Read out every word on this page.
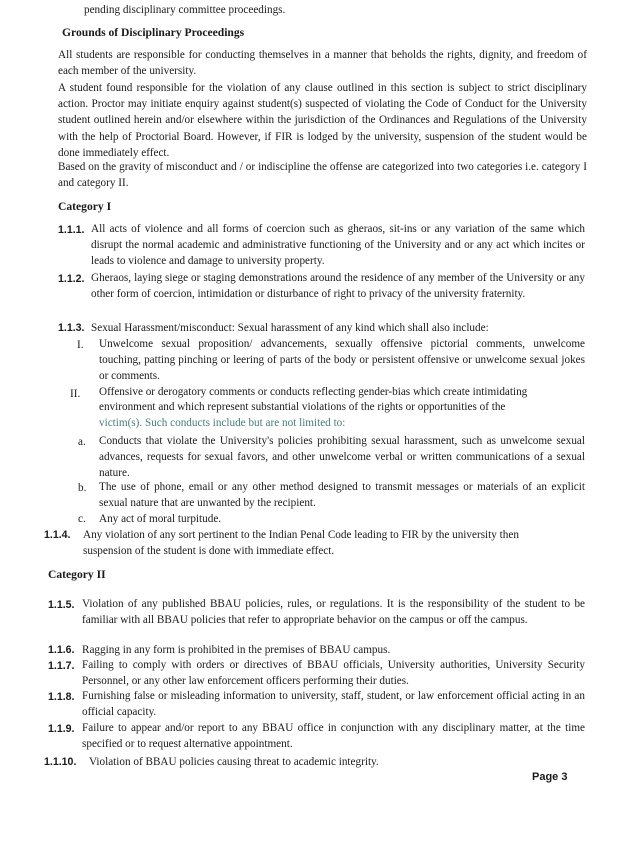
pending disciplinary committee proceedings.
Grounds of Disciplinary Proceedings
All students are responsible for conducting themselves in a manner that beholds the rights, dignity, and freedom of each member of the university.
A student found responsible for the violation of any clause outlined in this section is subject to strict disciplinary action. Proctor may initiate enquiry against student(s) suspected of violating the Code of Conduct for the University student outlined herein and/or elsewhere within the jurisdiction of the Ordinances and Regulations of the University with the help of Proctorial Board. However, if FIR is lodged by the university, suspension of the student would be done immediately effect.
Based on the gravity of misconduct and / or indiscipline the offense are categorized into two categories i.e. category I and category II.
Category I
1.1.1. All acts of violence and all forms of coercion such as gheraos, sit-ins or any variation of the same which disrupt the normal academic and administrative functioning of the University and or any act which incites or leads to violence and damage to university property.
1.1.2. Gheraos, laying siege or staging demonstrations around the residence of any member of the University or any other form of coercion, intimidation or disturbance of right to privacy of the university fraternity.
1.1.3. Sexual Harassment/misconduct: Sexual harassment of any kind which shall also include:
I. Unwelcome sexual proposition/ advancements, sexually offensive pictorial comments, unwelcome touching, patting pinching or leering of parts of the body or persistent offensive or unwelcome sexual jokes or comments.
II. Offensive or derogatory comments or conducts reflecting gender-bias which create intimidating
environment and which represent substantial violations of the rights or opportunities of the
victim(s). Such conducts include but are not limited to:
a. Conducts that violate the University's policies prohibiting sexual harassment, such as unwelcome sexual advances, requests for sexual favors, and other unwelcome verbal or written communications of a sexual nature.
b. The use of phone, email or any other method designed to transmit messages or materials of an explicit sexual nature that are unwanted by the recipient.
c. Any act of moral turpitude.
1.1.4. Any violation of any sort pertinent to the Indian Penal Code leading to FIR by the university then
suspension of the student is done with immediate effect.
Category II
1.1.5. Violation of any published BBAU policies, rules, or regulations. It is the responsibility of the student to be familiar with all BBAU policies that refer to appropriate behavior on the campus or off the campus.
1.1.6. Ragging in any form is prohibited in the premises of BBAU campus.
1.1.7. Failing to comply with orders or directives of BBAU officials, University authorities, University Security Personnel, or any other law enforcement officers performing their duties.
1.1.8. Furnishing false or misleading information to university, staff, student, or law enforcement official acting in an official capacity.
1.1.9. Failure to appear and/or report to any BBAU office in conjunction with any disciplinary matter, at the time specified or to request alternative appointment.
1.1.10. Violation of BBAU policies causing threat to academic integrity.
Page 3
